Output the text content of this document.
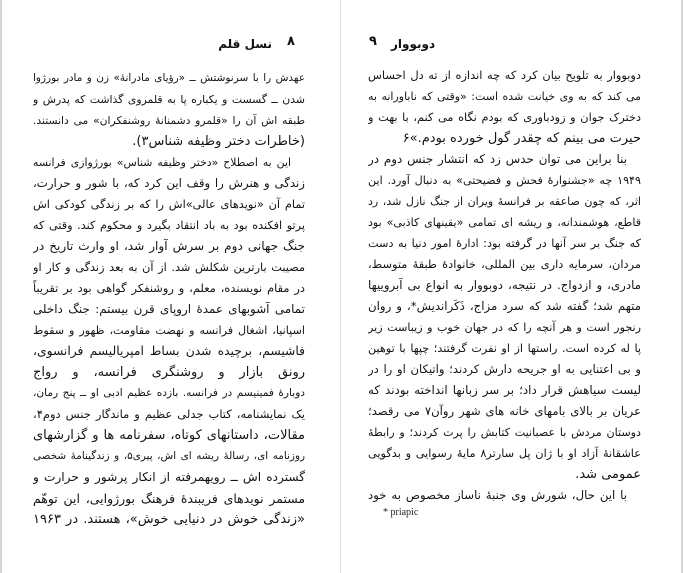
نسل قلم ۸
عهدش را با سرنوشتش ــ «رؤیای مادرانهٔ» زن و مادر بورژوا
شدن ــ گسست و یکباره پا به قلمروی گذاشت که پدرش و
طبقه اش آن را «قلمرو دشمنانهٔ روشنفکران» می دانستند.
(خاطرات دختر وظیفه شناس۳).
این به اصطلاح «دختر وظیفه شناس» بورژوازی فرانسه
زندگی و هنرش را وقف این کرد که، با شور و حرارت،
تمام آن «نویدهای عالی»اش را که بر زندگی کودکی اش
پرتو افکنده بود به باد انتقاد بگیرد و محکوم کند. وقتی که
جنگ جهانی دوم بر سرش آوار شد، او وارث تاریخ در
مصیبت بارترین شکلش شد. از آن به بعد زندگی و کار او
در مقام نویسنده، معلم، و روشنفکر گواهی بود بر تقریباً
تمامی آشوبهای عمدهٔ اروپای قرن بیستم: جنگ داخلی
اسپانیا، اشغال فرانسه و نهضت مقاومت، ظهور و سقوط
فاشیسم، برچیده شدن بساط امپریالیسم فرانسوی،
رونق بازار و روشنگری فرانسه، و رواج
دوبارهٔ فمینیسم در فرانسه. بازده عظیم ادبی او ــ پنج رمان،
یک نمایشنامه، کتاب جدلی عظیم و ماندگار جنس دوم۴،
مقالات، داستانهای کوتاه، سفرنامه ها و گزارشهای
روزنامه ای، رسالهٔ ریشه ای اش، پیری۵، و زندگینامهٔ شخصی
گسترده اش ــ رویهمرفته از انکار پرشور و حرارت و
مستمر نویدهای فریبندهٔ فرهنگ بورژوایی، این توهّم
«زندگی خوش در دنیایی خوش»، هستند. در ۱۹۶۳
۹ دوبووار
دوبووار به تلویح بیان کرد که چه اندازه از ته دل احساس
می کند که به وی خیانت شده است: «وقتی که ناباورانه به
دخترک جوان و زودباوری که بودم نگاه می کنم، با بهت و
حیرت می بینم که چقدر گول خورده بودم.»۶
بنا براین می توان حدس زد که انتشار جنس دوم در
۱۹۴۹ چه «جشنوارهٔ فحش و فضیحتی» به دنبال آورد. این
اثر، که چون صاعقه بر فرانسهٔ ویران از جنگ نازل شد، رد
قاطع، هوشمندانه، و ریشه ای تمامی «یقینهای کاذبی» بود
که جنگ بر سر آنها در گرفته بود: ادارهٔ امور دنیا به دست
مردان، سرمایه داری بین المللی، خانوادهٔ طبقهٔ متوسط،
مادری، و ازدواج. در نتیجه، دوبووار به انواع بی آبروییها
متهم شد؛ گفته شد که سرد مزاج، ذَکَراندیش*، و روان
رنجور است و هر آنچه را که در جهان خوب و زیباست زیر
پا له کرده است. راستها از او نفرت گرفتند؛ چپها با توهین
و بی اعتنایی به او جریحه دارش کردند؛ واتیکان او را در
لیست سیاهش قرار داد؛ بر سر زبانها انداخته بودند که
عریان بر بالای بامهای خانه های شهر روآن۷ می رقصد؛
دوستان مردش با عصبانیت کتابش را پرت کردند؛ و رابطهٔ
عاشقانهٔ آزاد او با ژان پل سارتر۸ مایهٔ رسوایی و بدگویی
عمومی شد.
با این حال، شورش وی جنبهٔ ناساز مخصوص به خود
* priapic
